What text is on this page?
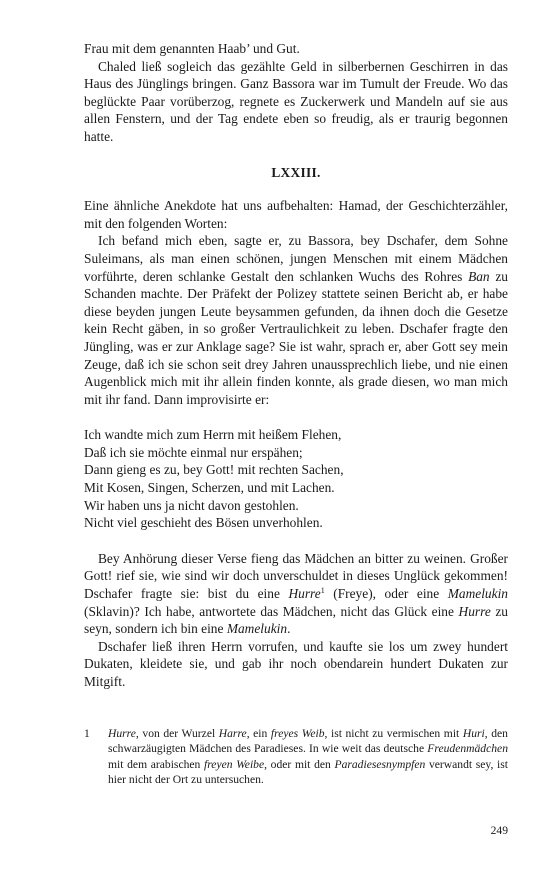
Frau mit dem genannten Haab’ und Gut.

Chaled ließ sogleich das gezählte Geld in silberbernen Geschirren in das Haus des Jünglings bringen. Ganz Bassora war im Tumult der Freude. Wo das beglückte Paar vorüberzog, regnete es Zuckerwerk und Mandeln auf sie aus allen Fenstern, und der Tag endete eben so freudig, als er traurig begonnen hatte.

LXXIII.

Eine ähnliche Anekdote hat uns aufbehalten: Hamad, der Geschichterzähler, mit den folgenden Worten:

Ich befand mich eben, sagte er, zu Bassora, bey Dschafer, dem Sohne Suleimans, als man einen schönen, jungen Menschen mit einem Mädchen vorführte, deren schlanke Gestalt den schlanken Wuchs des Rohres Ban zu Schanden machte. Der Präfekt der Polizey stattete seinen Bericht ab, er habe diese beyden jungen Leute beysammen gefunden, da ihnen doch die Gesetze kein Recht gäben, in so großer Vertraulichkeit zu leben. Dschafer fragte den Jüngling, was er zur Anklage sage? Sie ist wahr, sprach er, aber Gott sey mein Zeuge, daß ich sie schon seit drey Jahren unaussprechlich liebe, und nie einen Augenblick mich mit ihr allein finden konnte, als grade diesen, wo man mich mit ihr fand. Dann improvisirte er:

Ich wandte mich zum Herrn mit heißem Flehen,
Daß ich sie möchte einmal nur erspähen;
Dann gieng es zu, bey Gott! mit rechten Sachen,
Mit Kosen, Singen, Scherzen, und mit Lachen.
Wir haben uns ja nicht davon gestohlen.
Nicht viel geschieht des Bösen unverhohlen.

Bey Anhörung dieser Verse fieng das Mädchen an bitter zu weinen. Großer Gott! rief sie, wie sind wir doch unverschuldet in dieses Unglück gekommen! Dschafer fragte sie: bist du eine Hurre$^1$ (Freye), oder eine Mamelukin (Sklavin)? Ich habe, antwortete das Mädchen, nicht das Glück eine Hurre zu seyn, sondern ich bin eine Mamelukin.

Dschafer ließ ihren Herrn vorrufen, und kaufte sie los um zwey hundert Dukaten, kleidete sie, und gab ihr noch obendarein hundert Dukaten zur Mitgift.

1	Hurre, von der Wurzel Harre, ein freyes Weib, ist nicht zu vermischen mit Huri, den schwarzäugigten Mädchen des Paradieses. In wie weit das deutsche Freudenmädchen mit dem arabischen freyen Weibe, oder mit den Paradiesesnympfen verwandt sey, ist hier nicht der Ort zu untersuchen.
249
